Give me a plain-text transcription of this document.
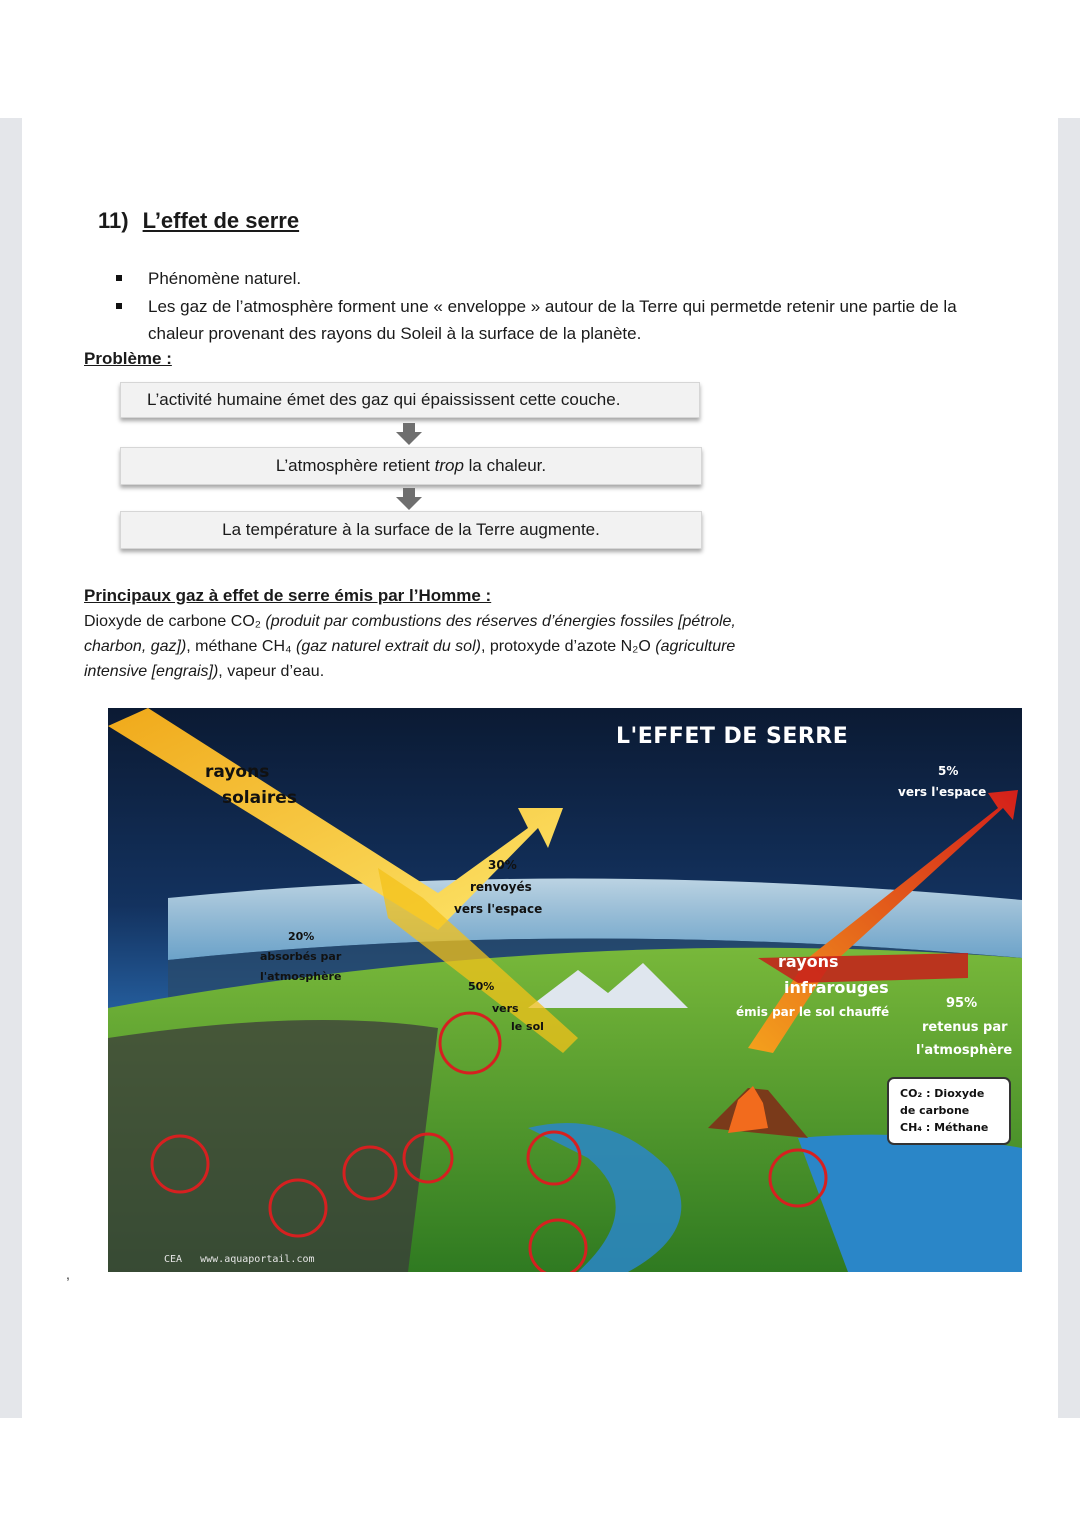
11) L’effet de serre
Phénomène naturel.
Les gaz de l’atmosphère forment une « enveloppe » autour de la Terre qui permetde retenir une partie de la chaleur provenant des rayons du Soleil à la surface de la planète.
Problème :
L’activité humaine émet des gaz qui épaississent cette couche.
L’atmosphère retient trop la chaleur.
La température à la surface de la Terre augmente.
Principaux gaz à effet de serre émis par l’Homme :
Dioxyde de carbone CO₂ (produit par combustions des réserves d’énergies fossiles [pétrole, charbon, gaz]), méthane CH₄ (gaz naturel extrait du sol), protoxyde d’azote N₂O (agriculture intensive [engrais]), vapeur d’eau.
L'EFFET DE SERRE
rayons
solaires
30%
renvoyés
vers l'espace
20%
absorbés par
l'atmosphère
50%
vers
le sol
rayons
infrarouges
émis par le sol chauffé
5%
vers l'espace
95%
retenus par
l'atmosphère
CO₂ : Dioxyde
de carbone
CH₄ : Méthane
CEA   www.aquaportail.com
,
